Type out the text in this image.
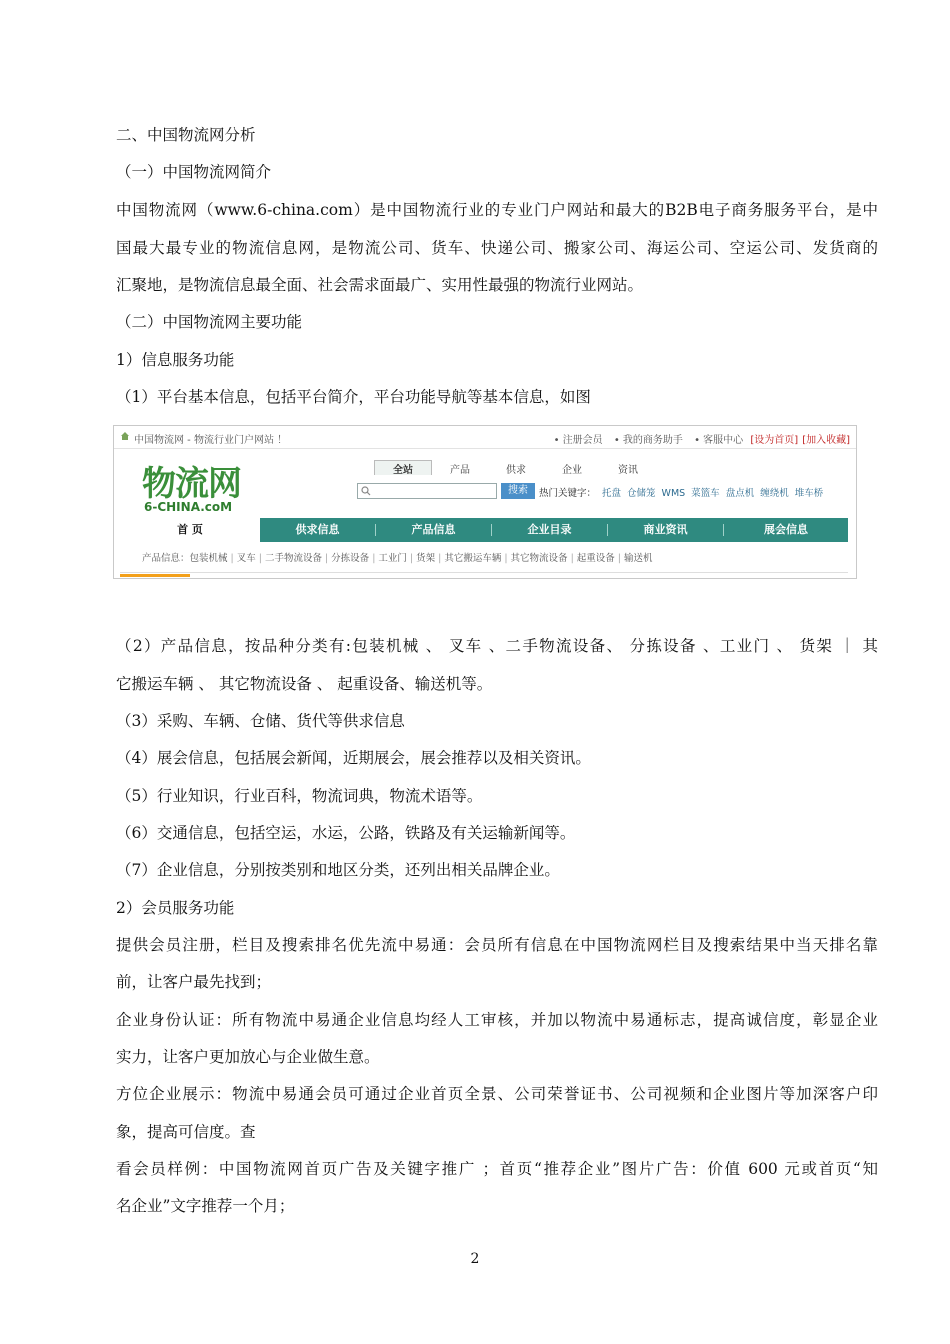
二、中国物流网分析
（一）中国物流网简介
中国物流网（www.6-china.com）是中国物流行业的专业门户网站和最大的B2B电子商务服务平台，是中
国最大最专业的物流信息网，是物流公司、货车、快递公司、搬家公司、海运公司、空运公司、发货商的
汇聚地，是物流信息最全面、社会需求面最广、实用性最强的物流行业网站。
（二）中国物流网主要功能
1）信息服务功能
（1）平台基本信息，包括平台简介，平台功能导航等基本信息，如图
中国物流网 - 物流行业门户网站 ！	• 注册会员 • 我的商务助手 • 客服中心 [设为首页] [加入收藏]
物流网
6-CHINA.coM
全站	产品	供求	企业	资讯
搜索	热门关键字： 托盘 仓储笼 WMS 菜篮车 盘点机 缠绕机 堆车桥
首 页	供求信息	产品信息	企业目录	商业资讯	展会信息
产品信息：包装机械 | 叉车 | 二手物流设备 | 分拣设备 | 工业门 | 货架 | 其它搬运车辆 | 其它物流设备 | 起重设备 | 输送机
（2）产品信息，按品种分类有:包装机械 、 叉车 、二手物流设备、 分拣设备 、工业门 、 货架 ｜ 其
它搬运车辆 、 其它物流设备 、 起重设备、输送机等。
（3）采购、车辆、仓储、货代等供求信息
（4）展会信息，包括展会新闻，近期展会，展会推荐以及相关资讯。
（5）行业知识，行业百科，物流词典，物流术语等。
（6）交通信息，包括空运，水运，公路，铁路及有关运输新闻等。
（7）企业信息，分别按类别和地区分类，还列出相关品牌企业。
2）会员服务功能
提供会员注册，栏目及搜索排名优先流中易通：会员所有信息在中国物流网栏目及搜索结果中当天排名靠
前，让客户最先找到；
企业身份认证：所有物流中易通企业信息均经人工审核，并加以物流中易通标志，提高诚信度，彰显企业
实力，让客户更加放心与企业做生意。
方位企业展示：物流中易通会员可通过企业首页全景、公司荣誉证书、公司视频和企业图片等加深客户印
象，提高可信度。查
看会员样例：中国物流网首页广告及关键字推广 ；首页“推荐企业”图片广告：价值 600 元或首页“知
名企业”文字推荐一个月；
2
